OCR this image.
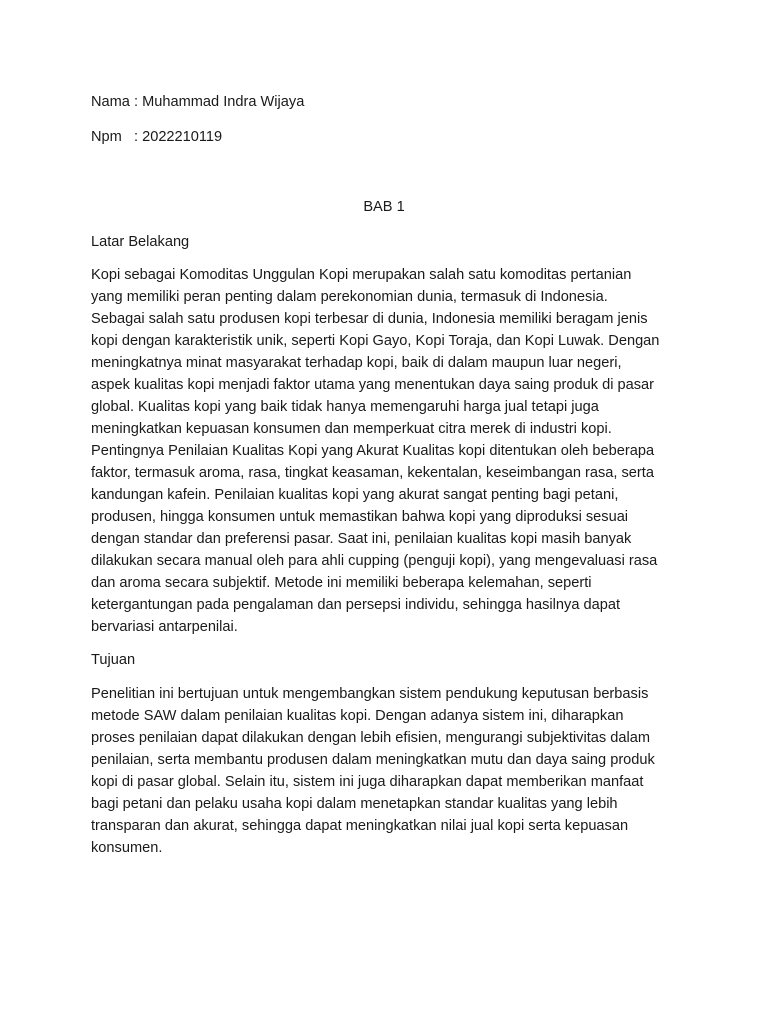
Nama : Muhammad Indra Wijaya
Npm   : 2022210119
BAB 1
Latar Belakang
Kopi sebagai Komoditas Unggulan Kopi merupakan salah satu komoditas pertanian
yang memiliki peran penting dalam perekonomian dunia, termasuk di Indonesia.
Sebagai salah satu produsen kopi terbesar di dunia, Indonesia memiliki beragam jenis
kopi dengan karakteristik unik, seperti Kopi Gayo, Kopi Toraja, dan Kopi Luwak. Dengan
meningkatnya minat masyarakat terhadap kopi, baik di dalam maupun luar negeri,
aspek kualitas kopi menjadi faktor utama yang menentukan daya saing produk di pasar
global. Kualitas kopi yang baik tidak hanya memengaruhi harga jual tetapi juga
meningkatkan kepuasan konsumen dan memperkuat citra merek di industri kopi.
Pentingnya Penilaian Kualitas Kopi yang Akurat Kualitas kopi ditentukan oleh beberapa
faktor, termasuk aroma, rasa, tingkat keasaman, kekentalan, keseimbangan rasa, serta
kandungan kafein. Penilaian kualitas kopi yang akurat sangat penting bagi petani,
produsen, hingga konsumen untuk memastikan bahwa kopi yang diproduksi sesuai
dengan standar dan preferensi pasar. Saat ini, penilaian kualitas kopi masih banyak
dilakukan secara manual oleh para ahli cupping (penguji kopi), yang mengevaluasi rasa
dan aroma secara subjektif. Metode ini memiliki beberapa kelemahan, seperti
ketergantungan pada pengalaman dan persepsi individu, sehingga hasilnya dapat
bervariasi antarpenilai.
Tujuan
Penelitian ini bertujuan untuk mengembangkan sistem pendukung keputusan berbasis
metode SAW dalam penilaian kualitas kopi. Dengan adanya sistem ini, diharapkan
proses penilaian dapat dilakukan dengan lebih efisien, mengurangi subjektivitas dalam
penilaian, serta membantu produsen dalam meningkatkan mutu dan daya saing produk
kopi di pasar global. Selain itu, sistem ini juga diharapkan dapat memberikan manfaat
bagi petani dan pelaku usaha kopi dalam menetapkan standar kualitas yang lebih
transparan dan akurat, sehingga dapat meningkatkan nilai jual kopi serta kepuasan
konsumen.
